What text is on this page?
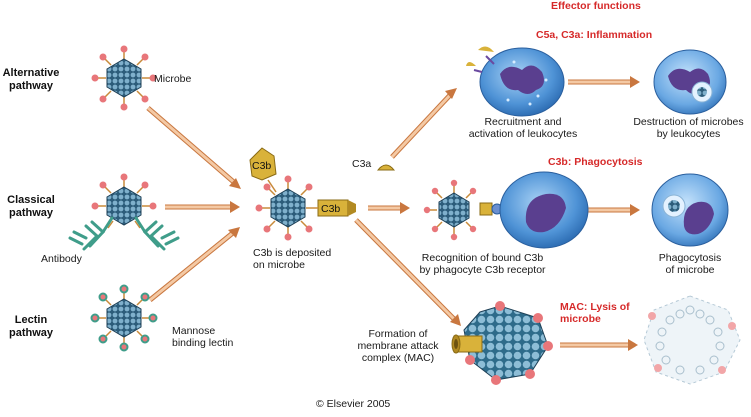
C3b
C3b
Effector functions
Alternative
pathway
Classical
pathway
Lectin
pathway
Microbe
Antibody
Mannose
binding lectin
C3b is deposited
on microbe
C3a
C5a, C3a: Inflammation
Recruitment and
activation of leukocytes
Destruction of microbes
by leukocytes
C3b: Phagocytosis
Recognition of bound C3b
by phagocyte C3b receptor
Phagocytosis
of microbe
MAC: Lysis of
microbe
Formation of
membrane attack
complex (MAC)
© Elsevier 2005
